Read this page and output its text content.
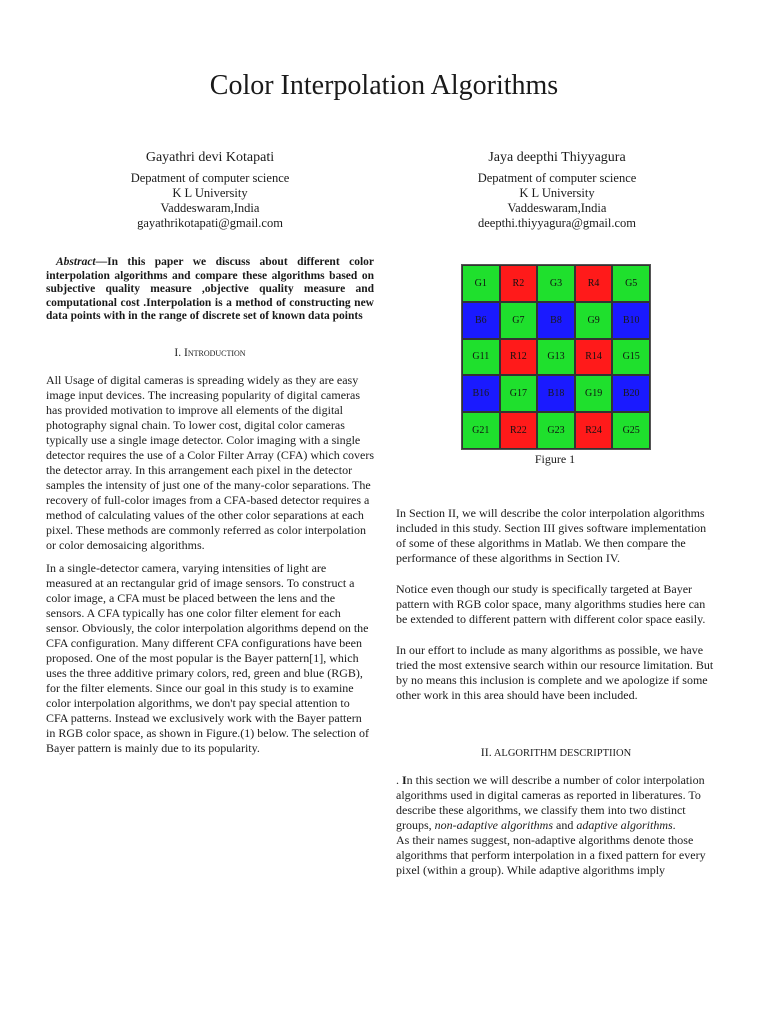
Color Interpolation Algorithms
Gayathri devi Kotapati
Depatment of computer science
K L University
Vaddeswaram,India
gayathrikotapati@gmail.com
Jaya deepthi Thiyyagura
Depatment of computer science
K L University
Vaddeswaram,India
deepthi.thiyyagura@gmail.com

Abstract—In this paper we discuss about different color interpolation algorithms and compare these algorithms based on subjective quality measure ,objective quality measure and computational cost .Interpolation is a method of constructing new data points with in the range of discrete set of known data points

I. Introduction

All Usage of digital cameras is spreading widely as they are easy image input devices. The increasing popularity of digital cameras has provided motivation to improve all elements of the digital photography signal chain. To lower cost, digital color cameras typically use a single image detector. Color imaging with a single detector requires the use of a Color Filter Array (CFA) which covers the detector array. In this arrangement each pixel in the detector samples the intensity of just one of the many-color separations. The recovery of full-color images from a CFA-based detector requires a method of calculating values of the other color separations at each pixel. These methods are commonly referred as color interpolation or color demosaicing algorithms.

In a single-detector camera, varying intensities of light are measured at an rectangular grid of image sensors. To construct a color image, a CFA must be placed between the lens and the sensors. A CFA typically has one color filter element for each sensor. Obviously, the color interpolation algorithms depend on the CFA configuration. Many different CFA configurations have been proposed. One of the most popular is the Bayer pattern[1], which uses the three additive primary colors, red, green and blue (RGB), for the filter elements. Since our goal in this study is to examine color interpolation algorithms, we don't pay special attention to CFA patterns. Instead we exclusively work with the Bayer pattern in RGB color space, as shown in Figure.(1) below. The selection of Bayer pattern is mainly due to its popularity.

G1	R2	G3	R4	G5
B6	G7	B8	G9	B10
G11	R12	G13	R14	G15
B16	G17	B18	G19	B20
G21	R22	G23	R24	G25
Figure 1

In Section II, we will describe the color interpolation algorithms included in this study. Section III gives software implementation of some of these algorithms in Matlab. We then compare the performance of these algorithms in Section IV.

Notice even though our study is specifically targeted at Bayer pattern with RGB color space, many algorithms studies here can be extended to different pattern with different color space easily.

In our effort to include as many algorithms as possible, we have tried the most extensive search within our resource limitation. But by no means this inclusion is complete and we apologize if some other work in this area should have been included.

II. ALGORITHM DESCRIPTIION

. In this section we will describe a number of color interpolation algorithms used in digital cameras as reported in liberatures. To describe these algorithms, we classify them into two distinct groups, non-adaptive algorithms and adaptive algorithms.

As their names suggest, non-adaptive algorithms denote those algorithms that perform interpolation in a fixed pattern for every pixel (within a group). While adaptive algorithms imply
